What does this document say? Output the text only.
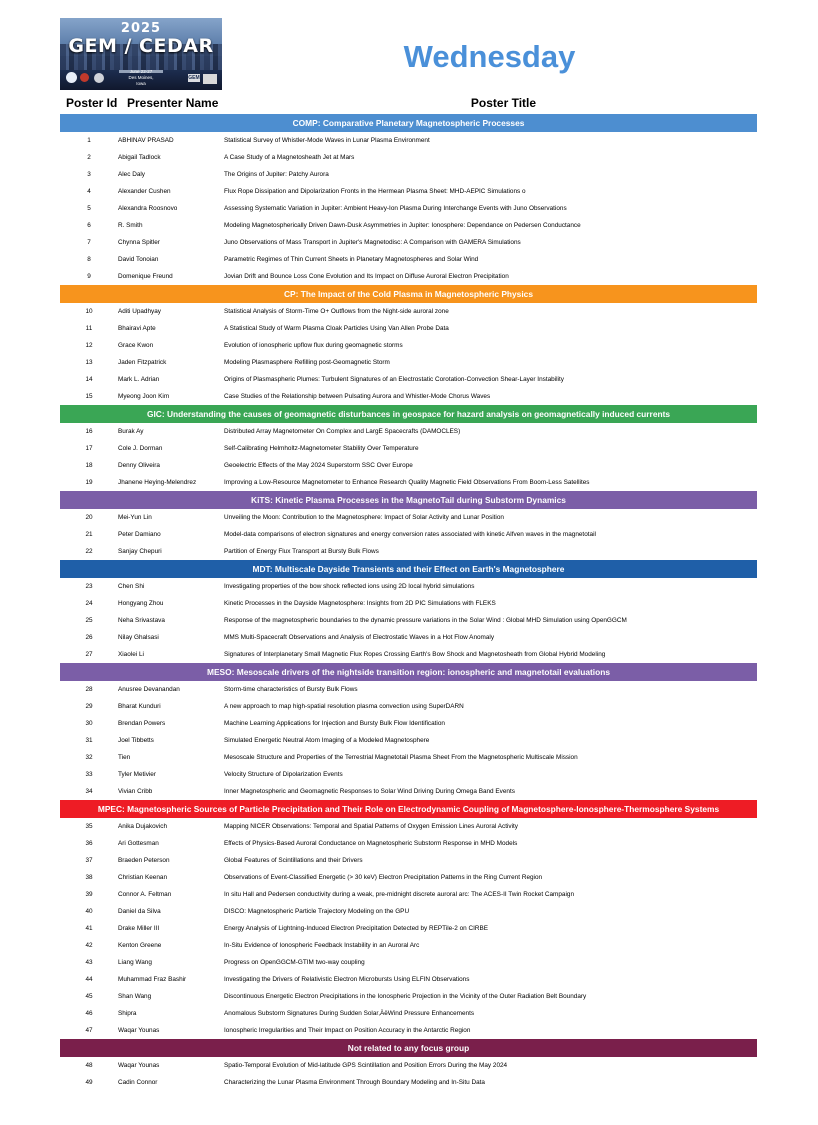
2025
GEM / CEDAR
June 22-27 Des Moines, Iowa
GEM
Wednesday
Poster Id Presenter Name	Poster Title
COMP: Comparative Planetary Magnetospheric Processes
1	ABHINAV PRASAD	Statistical Survey of Whistler-Mode Waves in Lunar Plasma Environment
2	Abigail Tadlock	A Case Study of a Magnetosheath Jet at Mars
3	Alec Daly	The Origins of Jupiter: Patchy Aurora
4	Alexander Cushen	Flux Rope Dissipation and Dipolarization Fronts in the Hermean Plasma Sheet: MHD-AEPIC Simulations o
5	Alexandra Roosnovo	Assessing Systematic Variation in Jupiter: Ambient Heavy-Ion Plasma During Interchange Events with Juno Observations
6	R. Smith	Modeling Magnetospherically Driven Dawn-Dusk Asymmetries in Jupiter: Ionosphere: Dependance on Pedersen Conductance
7	Chynna Spitler	Juno Observations of Mass Transport in Jupiter's Magnetodisc: A Comparison with GAMERA Simulations
8	David Tonoian	Parametric Regimes of Thin Current Sheets in Planetary Magnetospheres and Solar Wind
9	Domenique Freund	Jovian Drift and Bounce Loss Cone Evolution and Its Impact on Diffuse Auroral Electron Precipitation
CP: The Impact of the Cold Plasma in Magnetospheric Physics
10	Aditi Upadhyay	Statistical Analysis of Storm-Time O+ Outflows from the Night-side auroral zone
11	Bhairavi Apte	A Statistical Study of Warm Plasma Cloak Particles Using Van Allen Probe Data
12	Grace Kwon	Evolution of ionospheric upflow flux during geomagnetic storms
13	Jaden Fitzpatrick	Modeling Plasmasphere Refilling post-Geomagnetic Storm
14	Mark L. Adrian	Origins of Plasmaspheric Plumes: Turbulent Signatures of an Electrostatic Corotation-Convection Shear-Layer Instability
15	Myeong Joon Kim	Case Studies of the Relationship between Pulsating Aurora and Whistler-Mode Chorus Waves
GIC: Understanding the causes of geomagnetic disturbances in geospace for hazard analysis on geomagnetically induced currents
16	Burak Ay	Distributed Array Magnetometer On Complex and LargE Spacecrafts (DAMOCLES)
17	Cole J. Dorman	Self-Calibrating Helmholtz-Magnetometer Stability Over Temperature
18	Denny Oliveira	Geoelectric Effects of the May 2024 Superstorm SSC Over Europe
19	Jhanene Heying-Melendrez	Improving a Low-Resource Magnetometer to Enhance Research Quality Magnetic Field Observations From Boom-Less Satellites
KiTS: Kinetic Plasma Processes in the MagnetoTail during Substorm Dynamics
20	Mei-Yun Lin	Unveiling the Moon: Contribution to the Magnetosphere: Impact of Solar Activity and Lunar Position
21	Peter Damiano	Model-data comparisons of electron signatures and energy conversion rates associated with kinetic Alfven waves in the magnetotail
22	Sanjay Chepuri	Partition of Energy Flux Transport at Bursty Bulk Flows
MDT: Multiscale Dayside Transients and their Effect on Earth's Magnetosphere
23	Chen Shi	Investigating properties of the bow shock reflected ions using 2D local hybrid simulations
24	Hongyang Zhou	Kinetic Processes in the Dayside Magnetosphere: Insights from 2D PIC Simulations with FLEKS
25	Neha Srivastava	Response of the magnetospheric boundaries to the dynamic pressure variations in the Solar Wind : Global MHD Simulation using OpenGGCM
26	Nilay Ghalsasi	MMS Multi-Spacecraft Observations and Analysis of Electrostatic Waves in a Hot Flow Anomaly
27	Xiaolei Li	Signatures of Interplanetary Small Magnetic Flux Ropes Crossing Earth's Bow Shock and Magnetosheath from Global Hybrid Modeling
MESO: Mesoscale drivers of the nightside transition region: ionospheric and magnetotail evaluations
28	Anusree Devanandan	Storm-time characteristics of Bursty Bulk Flows
29	Bharat Kunduri	A new approach to map high-spatial resolution plasma convection using SuperDARN
30	Brendan Powers	Machine Learning Applications for Injection and Bursty Bulk Flow Identification
31	Joel Tibbetts	Simulated Energetic Neutral Atom Imaging of a Modeled Magnetosphere
32	Tien	Mesoscale Structure and Properties of the Terrestrial Magnetotail Plasma Sheet From the Magnetospheric Multiscale Mission
33	Tyler Metivier	Velocity Structure of Dipolarization Events
34	Vivian Cribb	Inner Magnetospheric and Geomagnetic Responses to Solar Wind Driving During Omega Band Events
MPEC: Magnetospheric Sources of Particle Precipitation and Their Role on Electrodynamic Coupling of Magnetosphere-Ionosphere-Thermosphere Systems
35	Anika Dujakovich	Mapping NICER Observations: Temporal and Spatial Patterns of Oxygen Emission Lines Auroral Activity
36	Ari Gottesman	Effects of Physics-Based Auroral Conductance on Magnetospheric Substorm Response in MHD Models
37	Braeden Peterson	Global Features of Scintillations and their Drivers
38	Christian Keenan	Observations of Event-Classified Energetic (> 30 keV) Electron Precipitation Patterns in the Ring Current Region
39	Connor A. Feltman	In situ Hall and Pedersen conductivity during a weak, pre-midnight discrete auroral arc: The ACES-II Twin Rocket Campaign
40	Daniel da Silva	DISCO: Magnetospheric Particle Trajectory Modeling on the GPU
41	Drake Miller III	Energy Analysis of Lightning-Induced Electron Precipitation Detected by REPTile-2 on CIRBE
42	Kenton Greene	In-Situ Evidence of Ionospheric Feedback Instability in an Auroral Arc
43	Liang Wang	Progress on OpenGGCM-GTIM two-way coupling
44	Muhammad Fraz Bashir	Investigating the Drivers of Relativistic Electron Microbursts Using ELFIN Observations
45	Shan Wang	Discontinuous Energetic Electron Precipitations in the Ionospheric Projection in the Vicinity of the Outer Radiation Belt Boundary
46	Shipra	Anomalous Substorm Signatures During Sudden Solar‚ÄëWind Pressure Enhancements
47	Waqar Younas	Ionospheric Irregularities and Their Impact on Position Accuracy in the Antarctic Region
Not related to any focus group
48	Waqar Younas	Spatio-Temporal Evolution of Mid-latitude GPS Scintillation and Position Errors During the May 2024
49	Cadin Connor	Characterizing the Lunar Plasma Environment Through Boundary Modeling and In-Situ Data
